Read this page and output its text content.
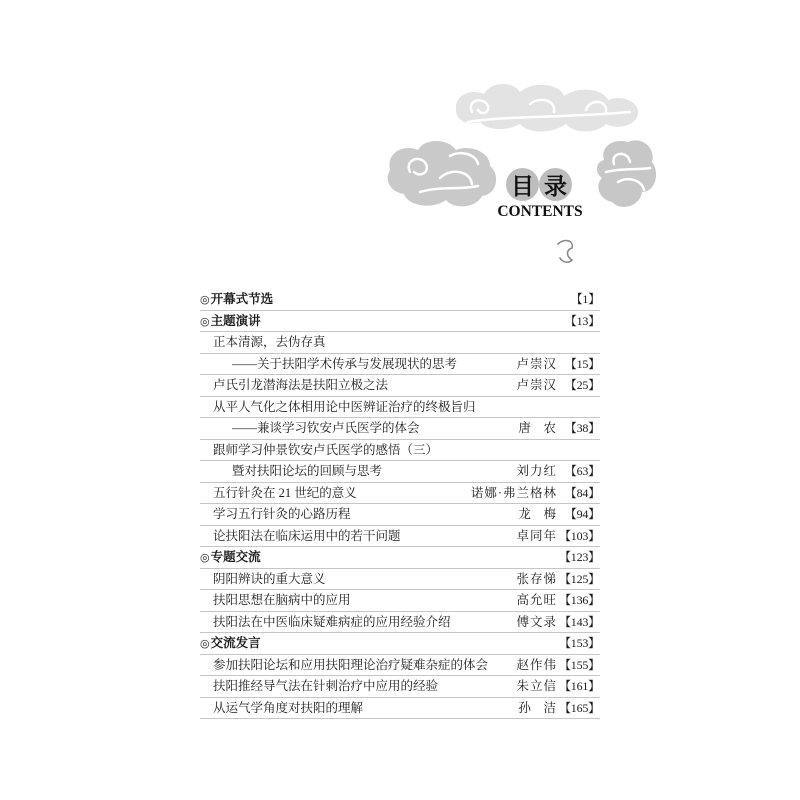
目 录
CONTENTS
◎开幕式节选	【1】
◎主题演讲	【13】
正本清源，去伪存真
——关于扶阳学术传承与发展现状的思考	卢崇汉 【15】
卢氏引龙潜海法是扶阳立极之法	卢崇汉 【25】
从平人气化之体相用论中医辨证治疗的终极旨归
——兼谈学习钦安卢氏医学的体会	唐 农 【38】
跟师学习仲景钦安卢氏医学的感悟（三）
暨对扶阳论坛的回顾与思考	刘力红 【63】
五行针灸在 21 世纪的意义	诺娜·弗兰格林 【84】
学习五行针灸的心路历程	龙 梅 【94】
论扶阳法在临床运用中的若干问题	卓同年 【103】
◎专题交流	【123】
阴阳辨诀的重大意义	张存悌 【125】
扶阳思想在脑病中的应用	高允旺 【136】
扶阳法在中医临床疑难病症的应用经验介绍	傅文录 【143】
◎交流发言	【153】
参加扶阳论坛和应用扶阳理论治疗疑难杂症的体会 赵作伟 【155】
扶阳推经导气法在针刺治疗中应用的经验	朱立信 【161】
从运气学角度对扶阳的理解	孙 洁 【165】
